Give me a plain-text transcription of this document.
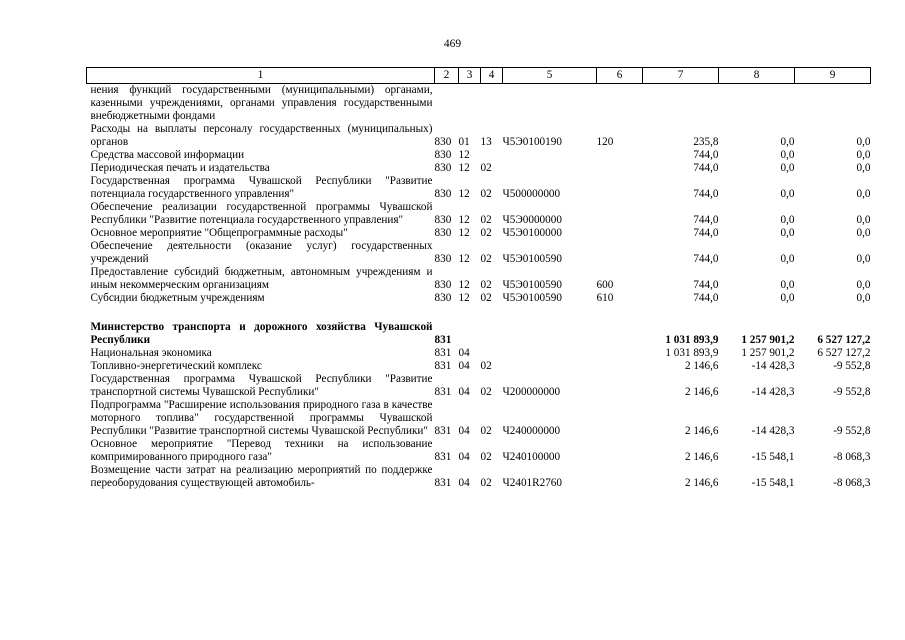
469
1	2	3	4	5	6	7	8	9
нения функций государственными (муниципальными) органами, казенными учреждениями, органами управления государственными внебюджетными фондами								
Расходы на выплаты персоналу государственных (муниципальных) органов	830	01	13	Ч5Э0100190	120	235,8	0,0	0,0
Средства массовой информации	830	12				744,0	0,0	0,0
Периодическая печать и издательства	830	12	02			744,0	0,0	0,0
Государственная программа Чувашской Республики "Развитие потенциала государственного управления"	830	12	02	Ч500000000		744,0	0,0	0,0
Обеспечение реализации государственной программы Чувашской Республики "Развитие потенциала государственного управления"	830	12	02	Ч5Э0000000		744,0	0,0	0,0
Основное мероприятие "Общепрограммные расходы"	830	12	02	Ч5Э0100000		744,0	0,0	0,0
Обеспечение деятельности (оказание услуг) государственных учреждений	830	12	02	Ч5Э0100590		744,0	0,0	0,0
Предоставление субсидий бюджетным, автономным учреждениям и иным некоммерческим организациям	830	12	02	Ч5Э0100590	600	744,0	0,0	0,0
Субсидии бюджетным учреждениям	830	12	02	Ч5Э0100590	610	744,0	0,0	0,0

Министерство транспорта и дорожного хозяйства Чувашской Республики	831					1 031 893,9	1 257 901,2	6 527 127,2
Национальная экономика	831	04				1 031 893,9	1 257 901,2	6 527 127,2
Топливно-энергетический комплекс	831	04	02			2 146,6	-14 428,3	-9 552,8
Государственная программа Чувашской Республики "Развитие транспортной системы Чувашской Республики"	831	04	02	Ч200000000		2 146,6	-14 428,3	-9 552,8
Подпрограмма "Расширение использования природного газа в качестве моторного топлива" государственной программы Чувашской Республики "Развитие транспортной системы Чувашской Республики"	831	04	02	Ч240000000		2 146,6	-14 428,3	-9 552,8
Основное мероприятие "Перевод техники на использование компримированного природного газа"	831	04	02	Ч240100000		2 146,6	-15 548,1	-8 068,3
Возмещение части затрат на реализацию мероприятий по поддержке переоборудования существующей автомобиль-	831	04	02	Ч2401R2760		2 146,6	-15 548,1	-8 068,3
